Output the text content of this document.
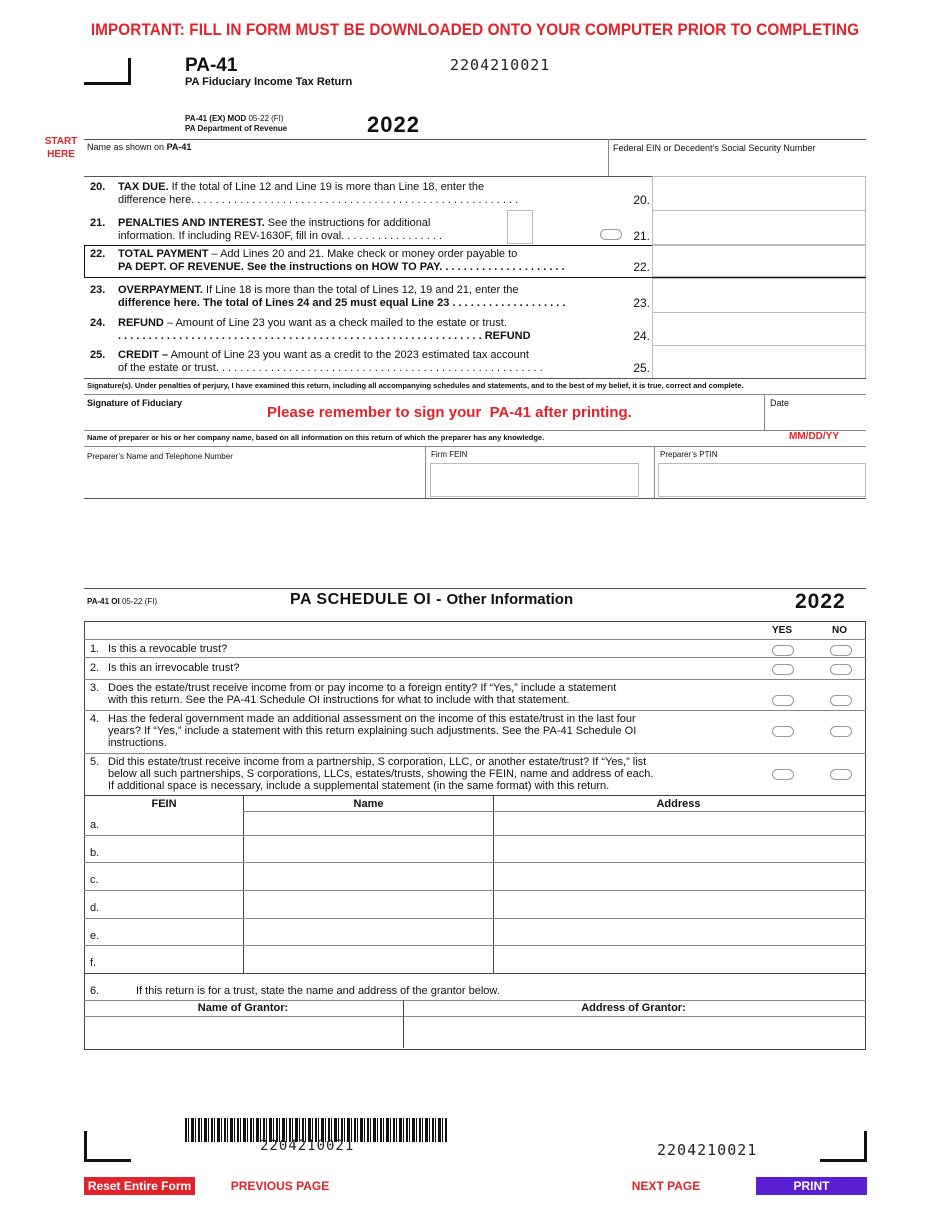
IMPORTANT: FILL IN FORM MUST BE DOWNLOADED ONTO YOUR COMPUTER PRIOR TO COMPLETING
PA-41
PA Fiduciary Income Tax Return
2204210021
PA-41 (EX) MOD 05-22 (FI)
PA Department of Revenue	2022
START
HERE
Name as shown on PA-41	Federal EIN or Decedent’s Social Security Number
20. TAX DUE. If the total of Line 12 and Line 19 is more than Line 18, enter the
difference here. . . . . . . . . . . . . . . . . . . . . . . . . . . . . . . . . . . . . . . . . . . . . . . . . . . . . .	20.
21. PENALTIES AND INTEREST. See the instructions for additional
information. If including REV-1630F, fill in oval. . . . . . . . . . . . . . . . .	21.
22. TOTAL PAYMENT – Add Lines 20 and 21. Make check or money order payable to
PA DEPT. OF REVENUE. See the instructions on HOW TO PAY. . . . . . . . . . . . . . . . . . . . .	22.
23. OVERPAYMENT. If Line 18 is more than the total of Lines 12, 19 and 21, enter the
difference here. The total of Lines 24 and 25 must equal Line 23 . . . . . . . . . . . . . . . . . . .	23.
24. REFUND – Amount of Line 23 you want as a check mailed to the estate or trust.
. . . . . . . . . . . . . . . . . . . . . . . . . . . . . . . . . . . . . . . . . . . . . . . . . . . . . . . . . . . . REFUND	24.
25. CREDIT – Amount of Line 23 you want as a credit to the 2023 estimated tax account
of the estate or trust. . . . . . . . . . . . . . . . . . . . . . . . . . . . . . . . . . . . . . . . . . . . . . . . . . . . . .	25.
Signature(s). Under penalties of perjury, I have examined this return, including all accompanying schedules and statements, and to the best of my belief, it is true, correct and complete.
Signature of Fiduciary
Please remember to sign your  PA-41 after printing.
Date
Name of preparer or his or her company name, based on all information on this return of which the preparer has any knowledge.	MM/DD/YY
Preparer’s Name and Telephone Number	Firm FEIN	Preparer’s PTIN
PA-41 OI 05-22 (FI)	PA SCHEDULE OI - Other Information	2022
YES	NO
1. Is this a revocable trust?
2. Is this an irrevocable trust?
3. Does the estate/trust receive income from or pay income to a foreign entity? If “Yes,” include a statement
with this return. See the PA-41 Schedule OI instructions for what to include with that statement.
4. Has the federal government made an additional assessment on the income of this estate/trust in the last four
years? If “Yes,” include a statement with this return explaining such adjustments. See the PA-41 Schedule OI
instructions.
5. Did this estate/trust receive income from a partnership, S corporation, LLC, or another estate/trust? If “Yes,” list
below all such partnerships, S corporations, LLCs, estates/trusts, showing the FEIN, name and address of each.
If additional space is necessary, include a supplemental statement (in the same format) with this return.
FEIN	Name	Address
a.
b.
c.
d.
e.
f.
6.	If this return is for a trust, state the name and address of the grantor below.
Name of Grantor:	Address of Grantor:
2204210021	2204210021
Reset Entire Form	PREVIOUS PAGE	NEXT PAGE	PRINT
